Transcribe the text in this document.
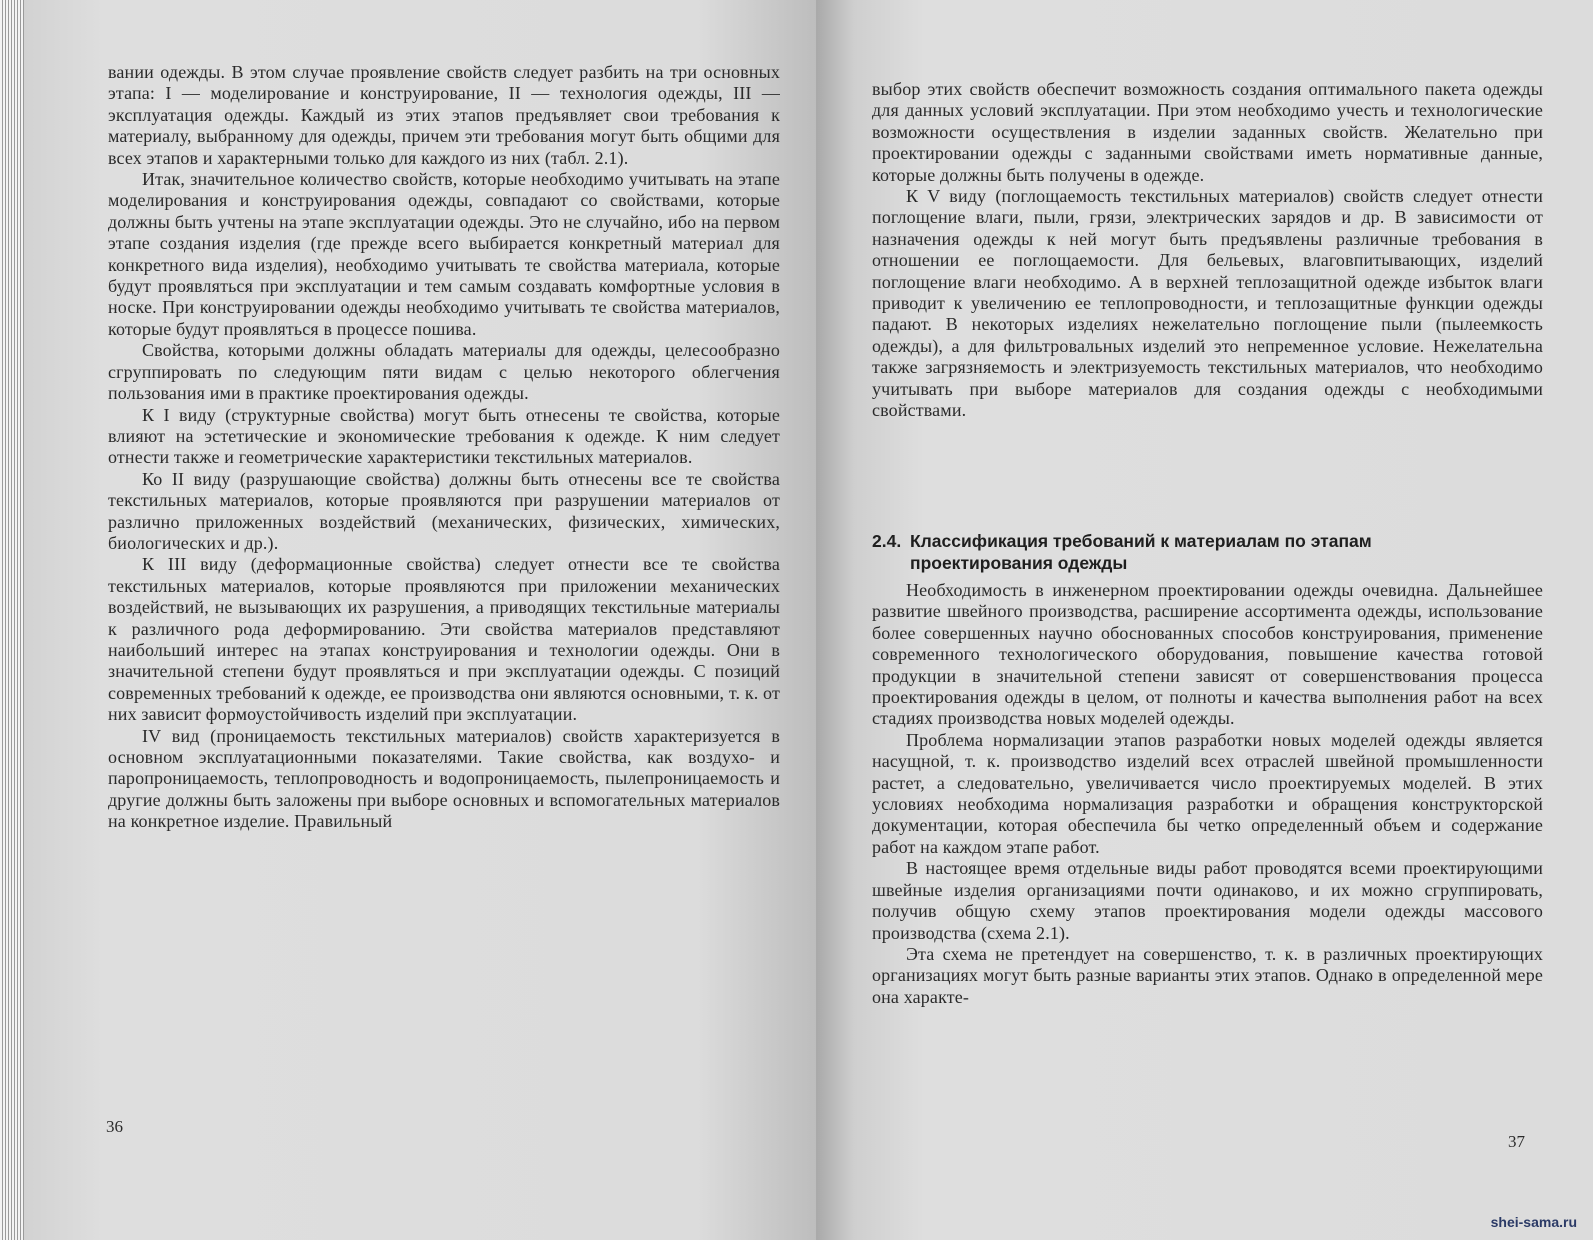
вании одежды. В этом случае проявление свойств следует разбить на три основных этапа: I — моделирование и конструирование, II — технология одежды, III — эксплуатация одежды. Каждый из этих этапов предъявляет свои требования к материалу, выбранному для одежды, причем эти требования могут быть общими для всех этапов и характерными только для каждого из них (табл. 2.1).

Итак, значительное количество свойств, которые необходимо учитывать на этапе моделирования и конструирования одежды, совпадают со свойствами, которые должны быть учтены на этапе эксплуатации одежды. Это не случайно, ибо на первом этапе создания изделия (где прежде всего выбирается конкретный материал для конкретного вида изделия), необходимо учитывать те свойства материала, которые будут проявляться при эксплуатации и тем самым создавать комфортные условия в носке. При конструировании одежды необходимо учитывать те свойства материалов, которые будут проявляться в процессе пошива.

Свойства, которыми должны обладать материалы для одежды, целесообразно сгруппировать по следующим пяти видам с целью некоторого облегчения пользования ими в практике проектирования одежды.

К I виду (структурные свойства) могут быть отнесены те свойства, которые влияют на эстетические и экономические требования к одежде. К ним следует отнести также и геометрические характеристики текстильных материалов.

Ко II виду (разрушающие свойства) должны быть отнесены все те свойства текстильных материалов, которые проявляются при разрушении материалов от различно приложенных воздействий (механических, физических, химических, биологических и др.).

К III виду (деформационные свойства) следует отнести все те свойства текстильных материалов, которые проявляются при приложении механических воздействий, не вызывающих их разрушения, а приводящих текстильные материалы к различного рода деформированию. Эти свойства материалов представляют наибольший интерес на этапах конструирования и технологии одежды. Они в значительной степени будут проявляться и при эксплуатации одежды. С позиций современных требований к одежде, ее производства они являются основными, т. к. от них зависит формоустойчивость изделий при эксплуатации.

IV вид (проницаемость текстильных материалов) свойств характеризуется в основном эксплуатационными показателями. Такие свойства, как воздухо- и паропроницаемость, теплопроводность и водопроницаемость, пылепроницаемость и другие должны быть заложены при выборе основных и вспомогательных материалов на конкретное изделие. Правильный

36

выбор этих свойств обеспечит возможность создания оптимального пакета одежды для данных условий эксплуатации. При этом необходимо учесть и технологические возможности осуществления в изделии заданных свойств. Желательно при проектировании одежды с заданными свойствами иметь нормативные данные, которые должны быть получены в одежде.

К V виду (поглощаемость текстильных материалов) свойств следует отнести поглощение влаги, пыли, грязи, электрических зарядов и др. В зависимости от назначения одежды к ней могут быть предъявлены различные требования в отношении ее поглощаемости. Для бельевых, влаговпитывающих, изделий поглощение влаги необходимо. А в верхней теплозащитной одежде избыток влаги приводит к увеличению ее теплопроводности, и теплозащитные функции одежды падают. В некоторых изделиях нежелательно поглощение пыли (пылеемкость одежды), а для фильтровальных изделий это непременное условие. Нежелательна также загрязняемость и электризуемость текстильных материалов, что необходимо учитывать при выборе материалов для создания одежды с необходимыми свойствами.

2.4. Классификация требований к материалам по этапам
проектирования одежды

Необходимость в инженерном проектировании одежды очевидна. Дальнейшее развитие швейного производства, расширение ассортимента одежды, использование более совершенных научно обоснованных способов конструирования, применение современного технологического оборудования, повышение качества готовой продукции в значительной степени зависят от совершенствования процесса проектирования одежды в целом, от полноты и качества выполнения работ на всех стадиях производства новых моделей одежды.

Проблема нормализации этапов разработки новых моделей одежды является насущной, т. к. производство изделий всех отраслей швейной промышленности растет, а следовательно, увеличивается число проектируемых моделей. В этих условиях необходима нормализация разработки и обращения конструкторской документации, которая обеспечила бы четко определенный объем и содержание работ на каждом этапе работ.

В настоящее время отдельные виды работ проводятся всеми проектирующими швейные изделия организациями почти одинаково, и их можно сгруппировать, получив общую схему этапов проектирования модели одежды массового производства (схема 2.1).

Эта схема не претендует на совершенство, т. к. в различных проектирующих организациях могут быть разные варианты этих этапов. Однако в определенной мере она характе-

37
shei-sama.ru
